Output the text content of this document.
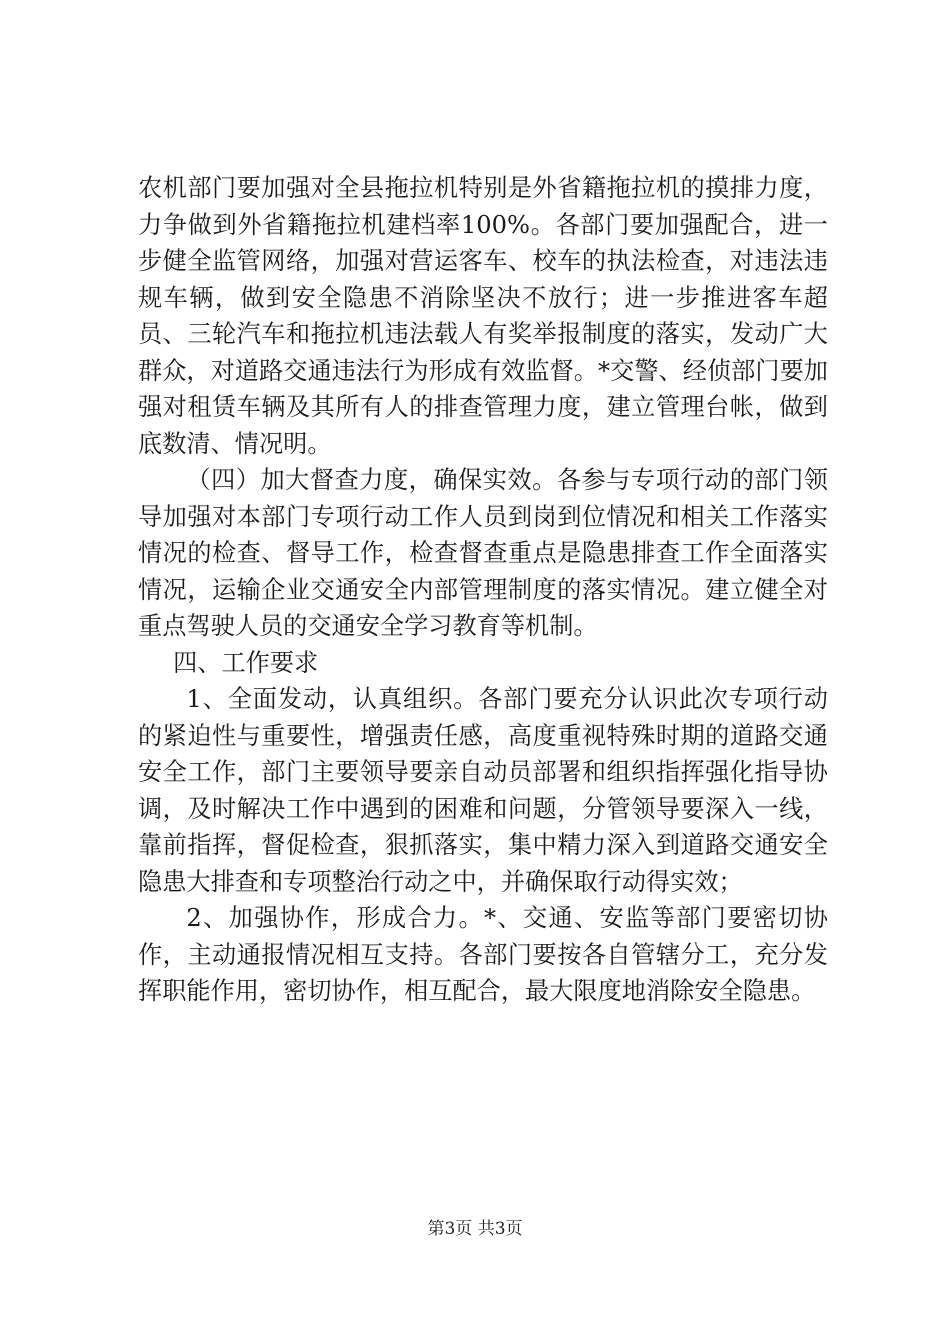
农机部门要加强对全县拖拉机特别是外省籍拖拉机的摸排力度，力争做到外省籍拖拉机建档率100%。各部门要加强配合，进一步健全监管网络，加强对营运客车、校车的执法检查，对违法违规车辆，做到安全隐患不消除坚决不放行；进一步推进客车超员、三轮汽车和拖拉机违法载人有奖举报制度的落实，发动广大群众，对道路交通违法行为形成有效监督。*交警、经侦部门要加强对租赁车辆及其所有人的排查管理力度，建立管理台帐，做到底数清、情况明。

（四）加大督查力度，确保实效。各参与专项行动的部门领导加强对本部门专项行动工作人员到岗到位情况和相关工作落实情况的检查、督导工作，检查督查重点是隐患排查工作全面落实情况，运输企业交通安全内部管理制度的落实情况。建立健全对重点驾驶人员的交通安全学习教育等机制。

四、工作要求

1、全面发动，认真组织。各部门要充分认识此次专项行动的紧迫性与重要性，增强责任感，高度重视特殊时期的道路交通安全工作，部门主要领导要亲自动员部署和组织指挥强化指导协调，及时解决工作中遇到的困难和问题，分管领导要深入一线，靠前指挥，督促检查，狠抓落实，集中精力深入到道路交通安全隐患大排查和专项整治行动之中，并确保取行动得实效；

2、加强协作，形成合力。*、交通、安监等部门要密切协作，主动通报情况相互支持。各部门要按各自管辖分工，充分发挥职能作用，密切协作，相互配合，最大限度地消除安全隐患。

第3页 共3页
